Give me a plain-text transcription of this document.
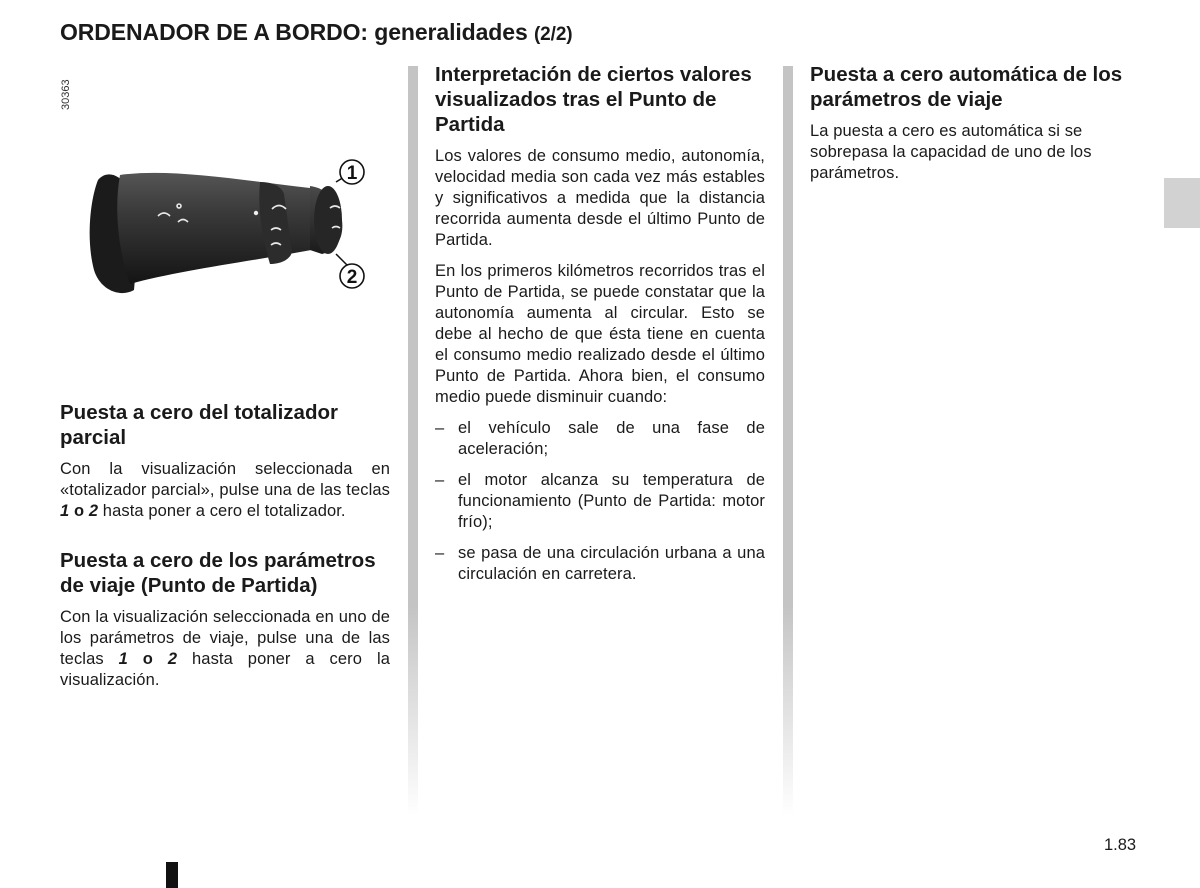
ORDENADOR DE A BORDO: generalidades (2/2)
30363
1
2
Puesta a cero del totalizador parcial

Con la visualización seleccionada en «totalizador parcial», pulse una de las teclas 1 o 2 hasta poner a cero el totalizador.

Puesta a cero de los parámetros de viaje (Punto de Partida)

Con la visualización seleccionada en uno de los parámetros de viaje, pulse una de las teclas 1 o 2 hasta poner a cero la visualización.

Interpretación de ciertos valores visualizados tras el Punto de Partida

Los valores de consumo medio, autonomía, velocidad media son cada vez más estables y significativos a medida que la distancia recorrida aumenta desde el último Punto de Partida.

En los primeros kilómetros recorridos tras el Punto de Partida, se puede constatar que la autonomía aumenta al circular. Esto se debe al hecho de que ésta tiene en cuenta el consumo medio realizado desde el último Punto de Partida. Ahora bien, el consumo medio puede disminuir cuando:

– el vehículo sale de una fase de aceleración;
– el motor alcanza su temperatura de funcionamiento (Punto de Partida: motor frío);
– se pasa de una circulación urbana a una circulación en carretera.
Puesta a cero automática de los parámetros de viaje

La puesta a cero es automática si se sobrepasa la capacidad de uno de los parámetros.

1.83
